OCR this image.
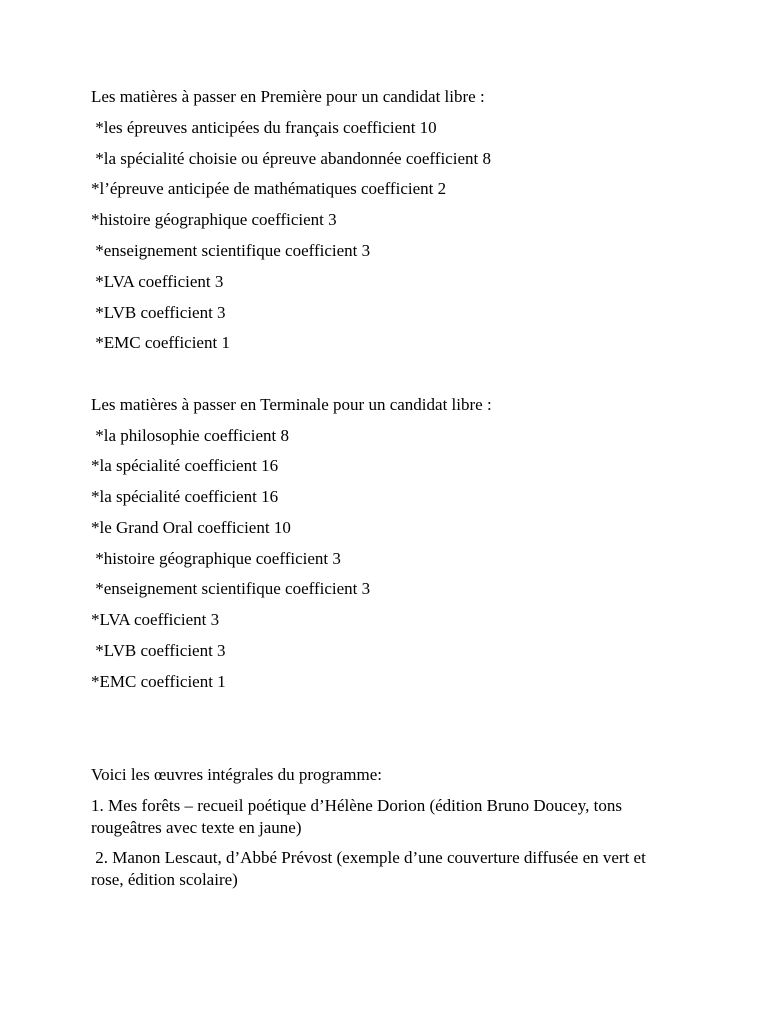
Les matières à passer en Première pour un candidat libre :

*les épreuves anticipées du français coefficient 10

*la spécialité choisie ou épreuve abandonnée coefficient 8

*l’épreuve anticipée de mathématiques coefficient 2

*histoire géographique coefficient 3

*enseignement scientifique coefficient 3

*LVA coefficient 3

*LVB coefficient 3

*EMC coefficient 1

Les matières à passer en Terminale pour un candidat libre :

*la philosophie coefficient 8

*la spécialité coefficient 16

*la spécialité coefficient 16

*le Grand Oral coefficient 10

*histoire géographique coefficient 3

*enseignement scientifique coefficient 3

*LVA coefficient 3

*LVB coefficient 3

*EMC coefficient 1

Voici les œuvres intégrales du programme:

1. Mes forêts – recueil poétique d’Hélène Dorion (édition Bruno Doucey, tons rougeâtres avec texte en jaune)

2. Manon Lescaut, d’Abbé Prévost (exemple d’une couverture diffusée en vert et rose, édition scolaire)
